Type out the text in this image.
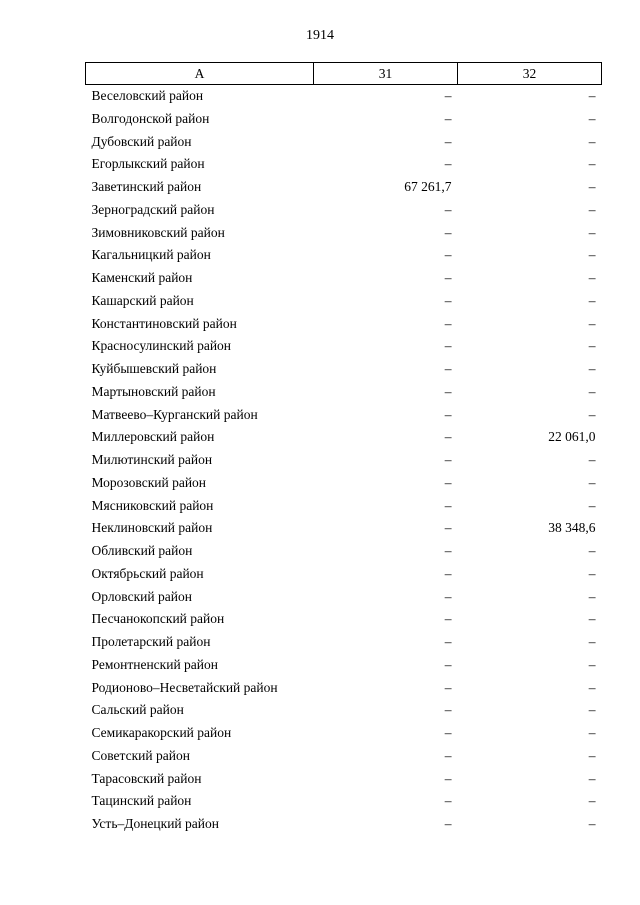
1914
А	31	32
Веселовский район	–	–
Волгодонской район	–	–
Дубовский район	–	–
Егорлыкский район	–	–
Заветинский район	67 261,7	–
Зерноградский район	–	–
Зимовниковский район	–	–
Кагальницкий район	–	–
Каменский район	–	–
Кашарский район	–	–
Константиновский район	–	–
Красносулинский район	–	–
Куйбышевский район	–	–
Мартыновский район	–	–
Матвеево–Курганский район	–	–
Миллеровский район	–	22 061,0
Милютинский район	–	–
Морозовский район	–	–
Мясниковский район	–	–
Неклиновский район	–	38 348,6
Обливский район	–	–
Октябрьский район	–	–
Орловский район	–	–
Песчанокопский район	–	–
Пролетарский район	–	–
Ремонтненский район	–	–
Родионово–Несветайский район	–	–
Сальский район	–	–
Семикаракорский район	–	–
Советский район	–	–
Тарасовский район	–	–
Тацинский район	–	–
Усть–Донецкий район	–	–
